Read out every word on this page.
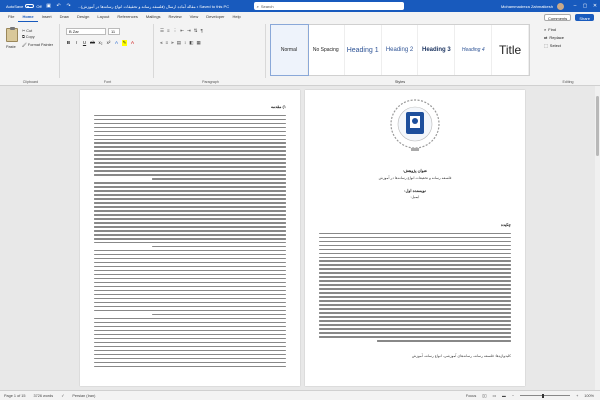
AutoSave	Off ▣ ↶ ↷ ...مقاله آماده ارسال (فلسفه رسانه و تحقیقات انواع رسانه‌ها در آموزش) • Saved to this PC	⌕ Search	Mohammadreza Zahmatkesh	–	▢	✕
File	Home	Insert	Draw	Design	Layout	References	Mailings	Review	View	Developer	Help	Comments	Share
Paste
✂ Cut
⧉ Copy
🖌 Format Painter
Clipboard
B Zar	11
B	I	U ab x₂ x² A ✎ A
Font
☰ ≡ ⋮ ⇤ ⇥ ⇅ ¶
⫷ ≡ ⫸ ▤ ↕ ◧ ▦
Paragraph
Normal	No Spacing Heading 1 Heading 2 Heading 3 Heading 4 Title
Styles
⌕ Find
⇄ Replace
⬚ Select
Editing
۱) مقدمه
عنوان پژوهش:
فلسفه رسانه و تحقیقات انواع رسانه‌ها در آموزش
نویسنده اول:
ایمیل:
چکیده
کلیدواژه‌ها: فلسفه رسانه، رسانه‌های آموزشی، انواع رسانه، آموزش
Page 1 of 15 3726 words ✓ Persian (Iran)	Focus ▯▯ ▭ ▬ −	+ 100%
